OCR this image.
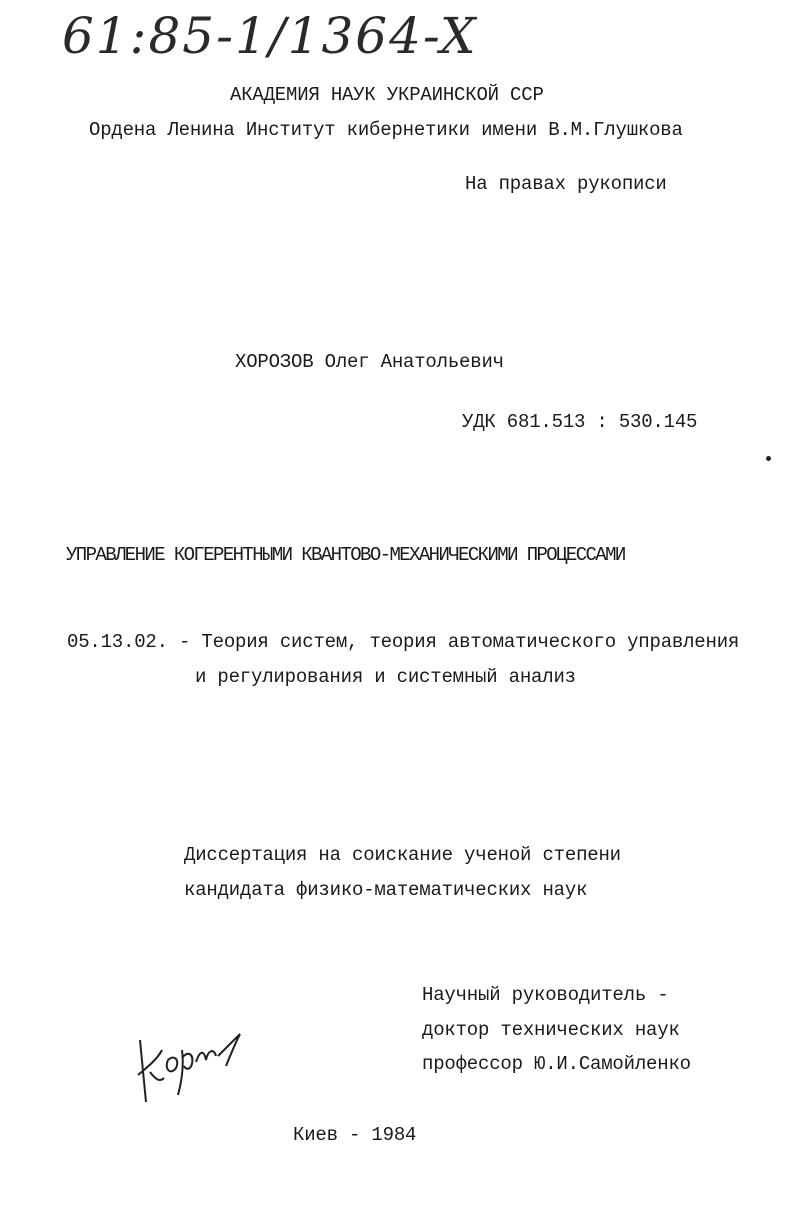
61:85-1/1364-X
АКАДЕМИЯ НАУК УКРАИНСКОЙ ССР
Ордена Ленина Институт кибернетики имени В.М.Глушкова
На правах рукописи
ХОРОЗОВ Олег Анатольевич
УДК 681.513 : 530.145
УПРАВЛЕНИЕ КОГЕРЕНТНЫМИ КВАНТОВО-МЕХАНИЧЕСКИМИ ПРОЦЕССАМИ
05.13.02. - Теория систем, теория автоматического управления
и регулирования и системный анализ
Диссертация на соискание ученой степени
кандидата физико-математических наук
Научный руководитель -
доктор технических наук
профессор Ю.И.Самойленко
Киев - 1984
